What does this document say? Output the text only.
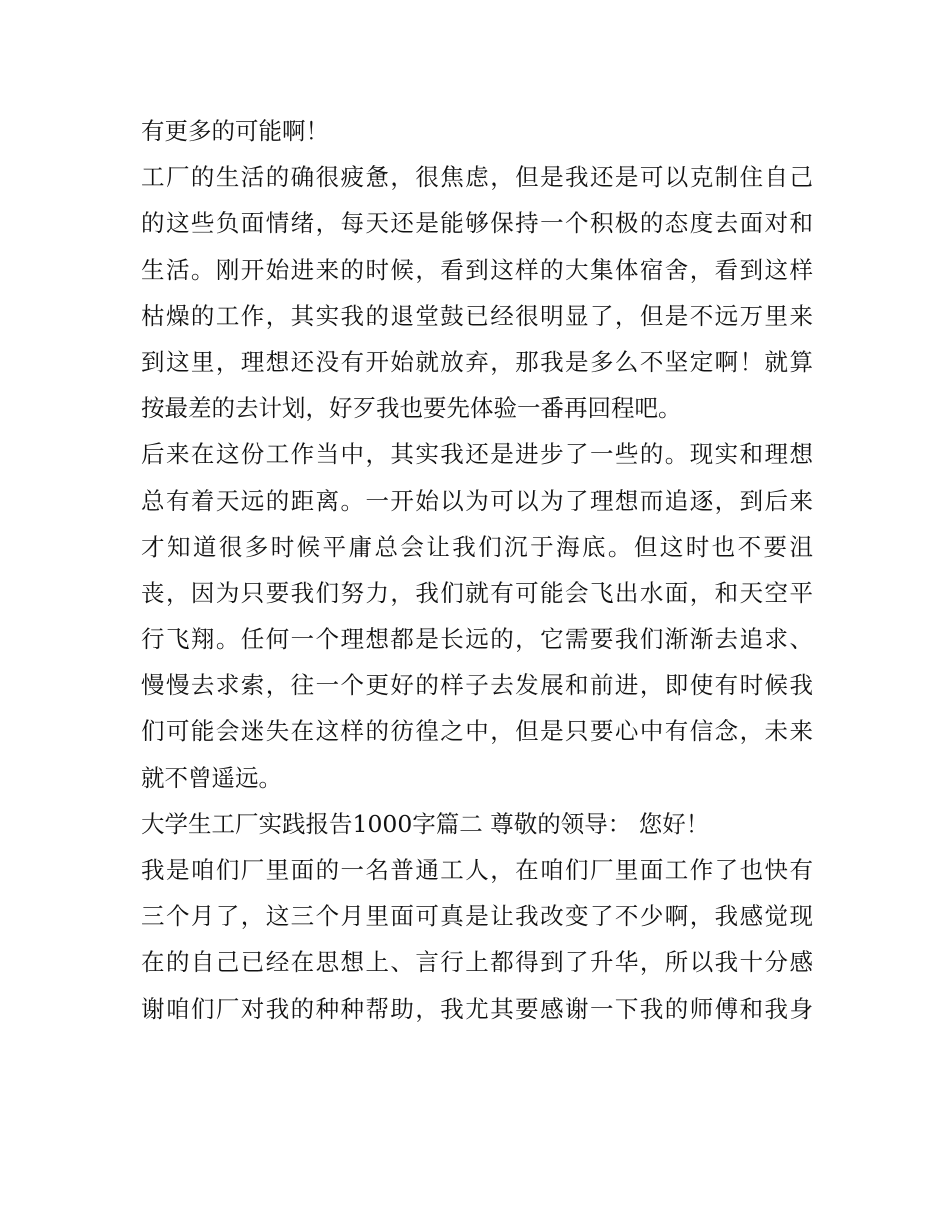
有更多的可能啊！
工厂的生活的确很疲惫，很焦虑，但是我还是可以克制住自己
的这些负面情绪，每天还是能够保持一个积极的态度去面对和
生活。刚开始进来的时候，看到这样的大集体宿舍，看到这样
枯燥的工作，其实我的退堂鼓已经很明显了，但是不远万里来
到这里，理想还没有开始就放弃，那我是多么不坚定啊！就算
按最差的去计划，好歹我也要先体验一番再回程吧。
后来在这份工作当中，其实我还是进步了一些的。现实和理想
总有着天远的距离。一开始以为可以为了理想而追逐，到后来
才知道很多时候平庸总会让我们沉于海底。但这时也不要沮
丧，因为只要我们努力，我们就有可能会飞出水面，和天空平
行飞翔。任何一个理想都是长远的，它需要我们渐渐去追求、
慢慢去求索，往一个更好的样子去发展和前进，即使有时候我
们可能会迷失在这样的彷徨之中，但是只要心中有信念，未来
就不曾遥远。
大学生工厂实践报告1000字篇二 尊敬的领导： 您好！
我是咱们厂里面的一名普通工人，在咱们厂里面工作了也快有
三个月了，这三个月里面可真是让我改变了不少啊，我感觉现
在的自己已经在思想上、言行上都得到了升华，所以我十分感
谢咱们厂对我的种种帮助，我尤其要感谢一下我的师傅和我身
